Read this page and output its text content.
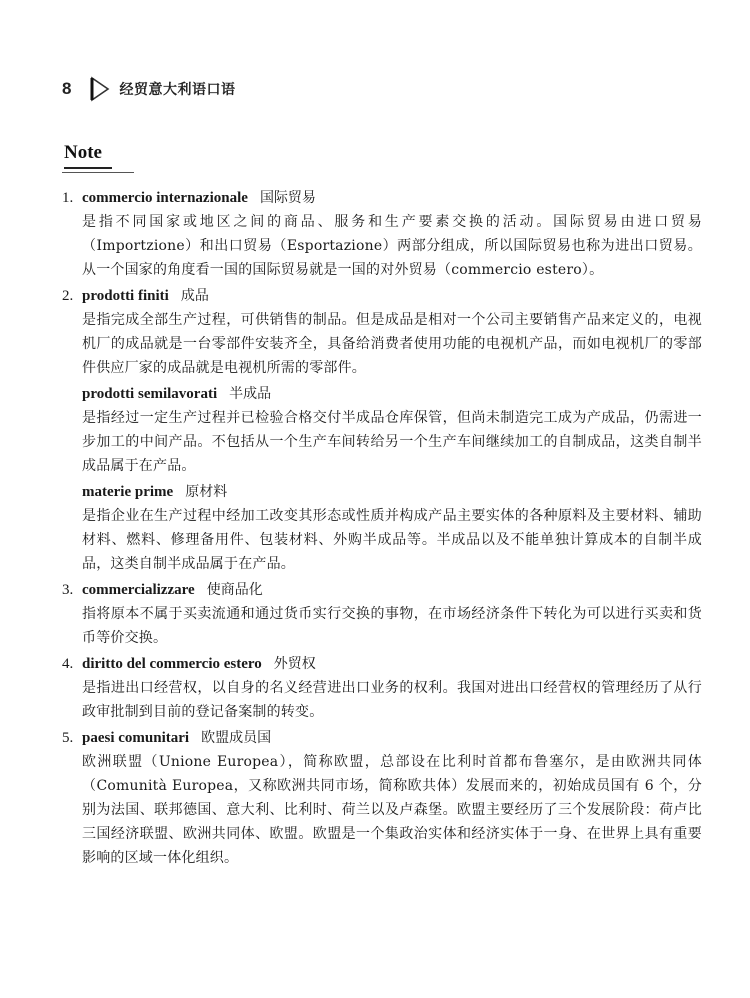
8	经贸意大利语口语
Note
1. commercio internazionale 国际贸易

是指不同国家或地区之间的商品、服务和生产要素交换的活动。国际贸易由进口贸易（Importzione）和出口贸易（Esportazione）两部分组成，所以国际贸易也称为进出口贸易。从一个国家的角度看一国的国际贸易就是一国的对外贸易（commercio estero）。

2. prodotti finiti 成品

是指完成全部生产过程，可供销售的制品。但是成品是相对一个公司主要销售产品来定义的，电视机厂的成品就是一台零部件安装齐全，具备给消费者使用功能的电视机产品，而如电视机厂的零部件供应厂家的成品就是电视机所需的零部件。

prodotti semilavorati 半成品

是指经过一定生产过程并已检验合格交付半成品仓库保管，但尚未制造完工成为产成品，仍需进一步加工的中间产品。不包括从一个生产车间转给另一个生产车间继续加工的自制成品，这类自制半成品属于在产品。

materie prime 原材料

是指企业在生产过程中经加工改变其形态或性质并构成产品主要实体的各种原料及主要材料、辅助材料、燃料、修理备用件、包装材料、外购半成品等。半成品以及不能单独计算成本的自制半成品，这类自制半成品属于在产品。

3. commercializzare 使商品化

指将原本不属于买卖流通和通过货币实行交换的事物，在市场经济条件下转化为可以进行买卖和货币等价交换。

4. diritto del commercio estero 外贸权

是指进出口经营权，以自身的名义经营进出口业务的权利。我国对进出口经营权的管理经历了从行政审批制到目前的登记备案制的转变。

5. paesi comunitari 欧盟成员国

欧洲联盟（Unione Europea），简称欧盟，总部设在比利时首都布鲁塞尔，是由欧洲共同体（Comunità Europea，又称欧洲共同市场，简称欧共体）发展而来的，初始成员国有 6 个，分别为法国、联邦德国、意大利、比利时、荷兰以及卢森堡。欧盟主要经历了三个发展阶段：荷卢比三国经济联盟、欧洲共同体、欧盟。欧盟是一个集政治实体和经济实体于一身、在世界上具有重要影响的区域一体化组织。
